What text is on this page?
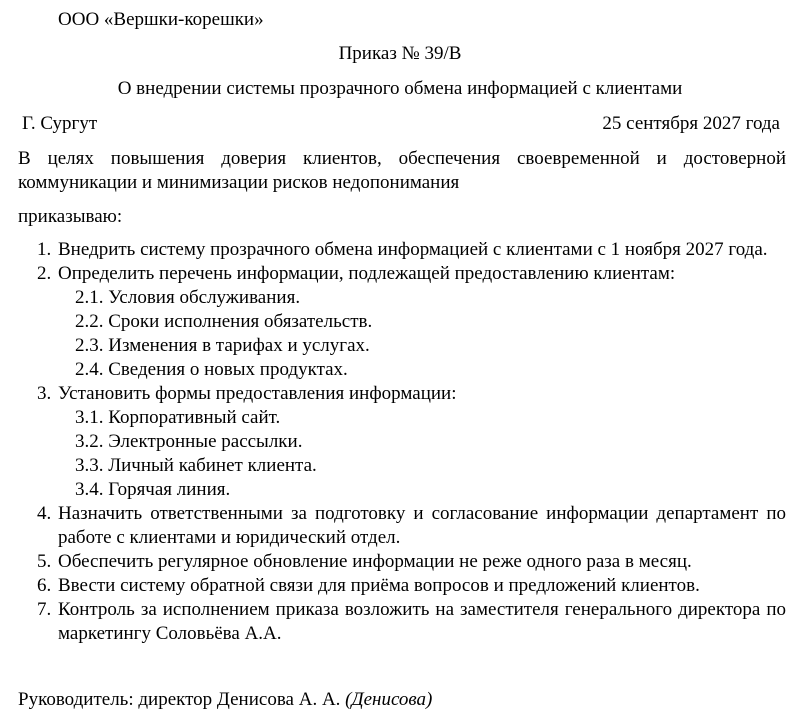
ООО «Вершки-корешки»
Приказ № 39/В
О внедрении системы прозрачного обмена информацией с клиентами
Г. Сургут	25 сентября 2027 года
В целях повышения доверия клиентов, обеспечения своевременной и достоверной коммуникации и минимизации рисков недопонимания
приказываю:
1. Внедрить систему прозрачного обмена информацией с клиентами с 1 ноября 2027 года.
2. Определить перечень информации, подлежащей предоставлению клиентам:
2.1. Условия обслуживания.
2.2. Сроки исполнения обязательств.
2.3. Изменения в тарифах и услугах.
2.4. Сведения о новых продуктах.
3. Установить формы предоставления информации:
3.1. Корпоративный сайт.
3.2. Электронные рассылки.
3.3. Личный кабинет клиента.
3.4. Горячая линия.
4. Назначить ответственными за подготовку и согласование информации департамент по работе с клиентами и юридический отдел.
5. Обеспечить регулярное обновление информации не реже одного раза в месяц.
6. Ввести систему обратной связи для приёма вопросов и предложений клиентов.
7. Контроль за исполнением приказа возложить на заместителя генерального директора по маркетингу Соловьёва А.А.
Руководитель: директор Денисова А. А. (Денисова)
